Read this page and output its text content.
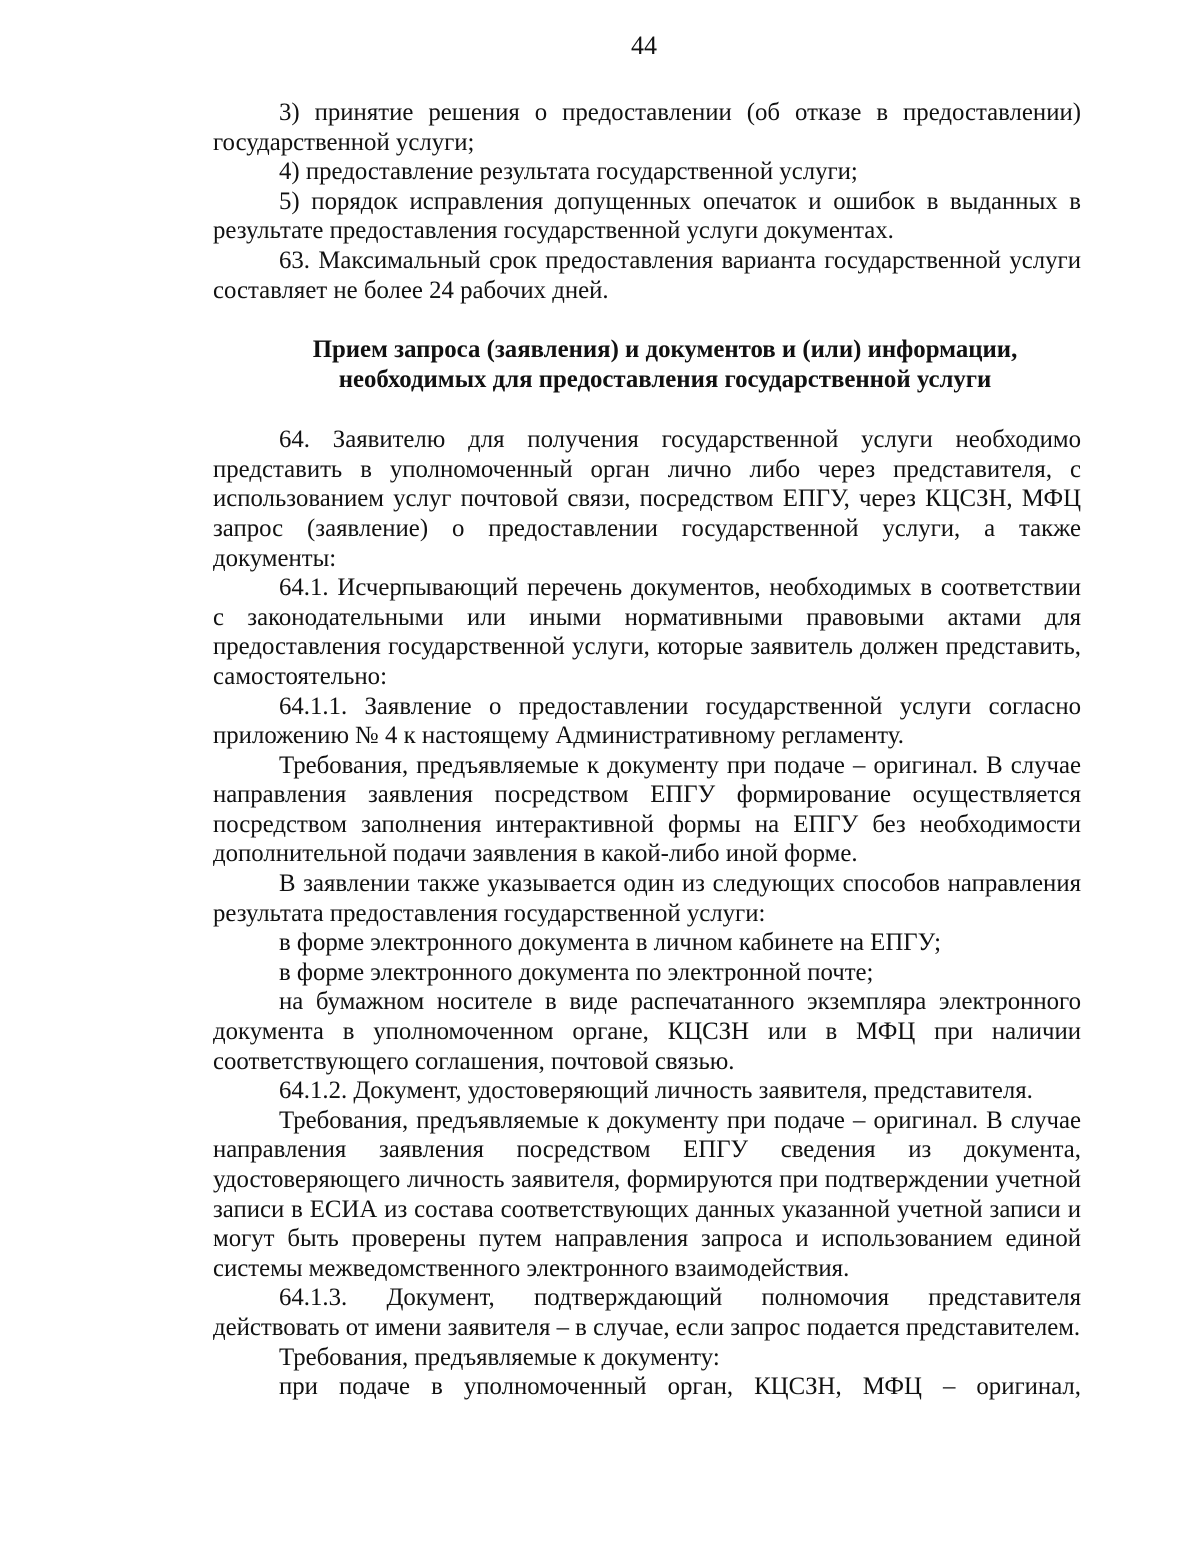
44

3) принятие решения о предоставлении (об отказе в предоставлении) государственной услуги;

4) предоставление результата государственной услуги;

5) порядок исправления допущенных опечаток и ошибок в выданных в результате предоставления государственной услуги документах.

63. Максимальный срок предоставления варианта государственной услуги составляет не более 24 рабочих дней.

Прием запроса (заявления) и документов и (или) информации,

необходимых для предоставления государственной услуги

64. Заявителю для получения государственной услуги необходимо представить в уполномоченный орган лично либо через представителя, с использованием услуг почтовой связи, посредством ЕПГУ, через КЦСЗН, МФЦ запрос (заявление) о предоставлении государственной услуги, а также документы:

64.1. Исчерпывающий перечень документов, необходимых в соответствии с законодательными или иными нормативными правовыми актами для предоставления государственной услуги, которые заявитель должен представить, самостоятельно:

64.1.1. Заявление о предоставлении государственной услуги согласно приложению № 4 к настоящему Административному регламенту.

Требования, предъявляемые к документу при подаче – оригинал. В случае направления заявления посредством ЕПГУ формирование осуществляется посредством заполнения интерактивной формы на ЕПГУ без необходимости дополнительной подачи заявления в какой-либо иной форме.

В заявлении также указывается один из следующих способов направления результата предоставления государственной услуги:

в форме электронного документа в личном кабинете на ЕПГУ;

в форме электронного документа по электронной почте;

на бумажном носителе в виде распечатанного экземпляра электронного документа в уполномоченном органе, КЦСЗН или в МФЦ при наличии соответствующего соглашения, почтовой связью.

64.1.2. Документ, удостоверяющий личность заявителя, представителя.

Требования, предъявляемые к документу при подаче – оригинал. В случае направления заявления посредством ЕПГУ сведения из документа, удостоверяющего личность заявителя, формируются при подтверждении учетной записи в ЕСИА из состава соответствующих данных указанной учетной записи и могут быть проверены путем направления запроса и использованием единой системы межведомственного электронного взаимодействия.

64.1.3. Документ, подтверждающий полномочия представителя действовать от имени заявителя – в случае, если запрос подается представителем.

Требования, предъявляемые к документу:

при подаче в уполномоченный орган, КЦСЗН, МФЦ – оригинал,
